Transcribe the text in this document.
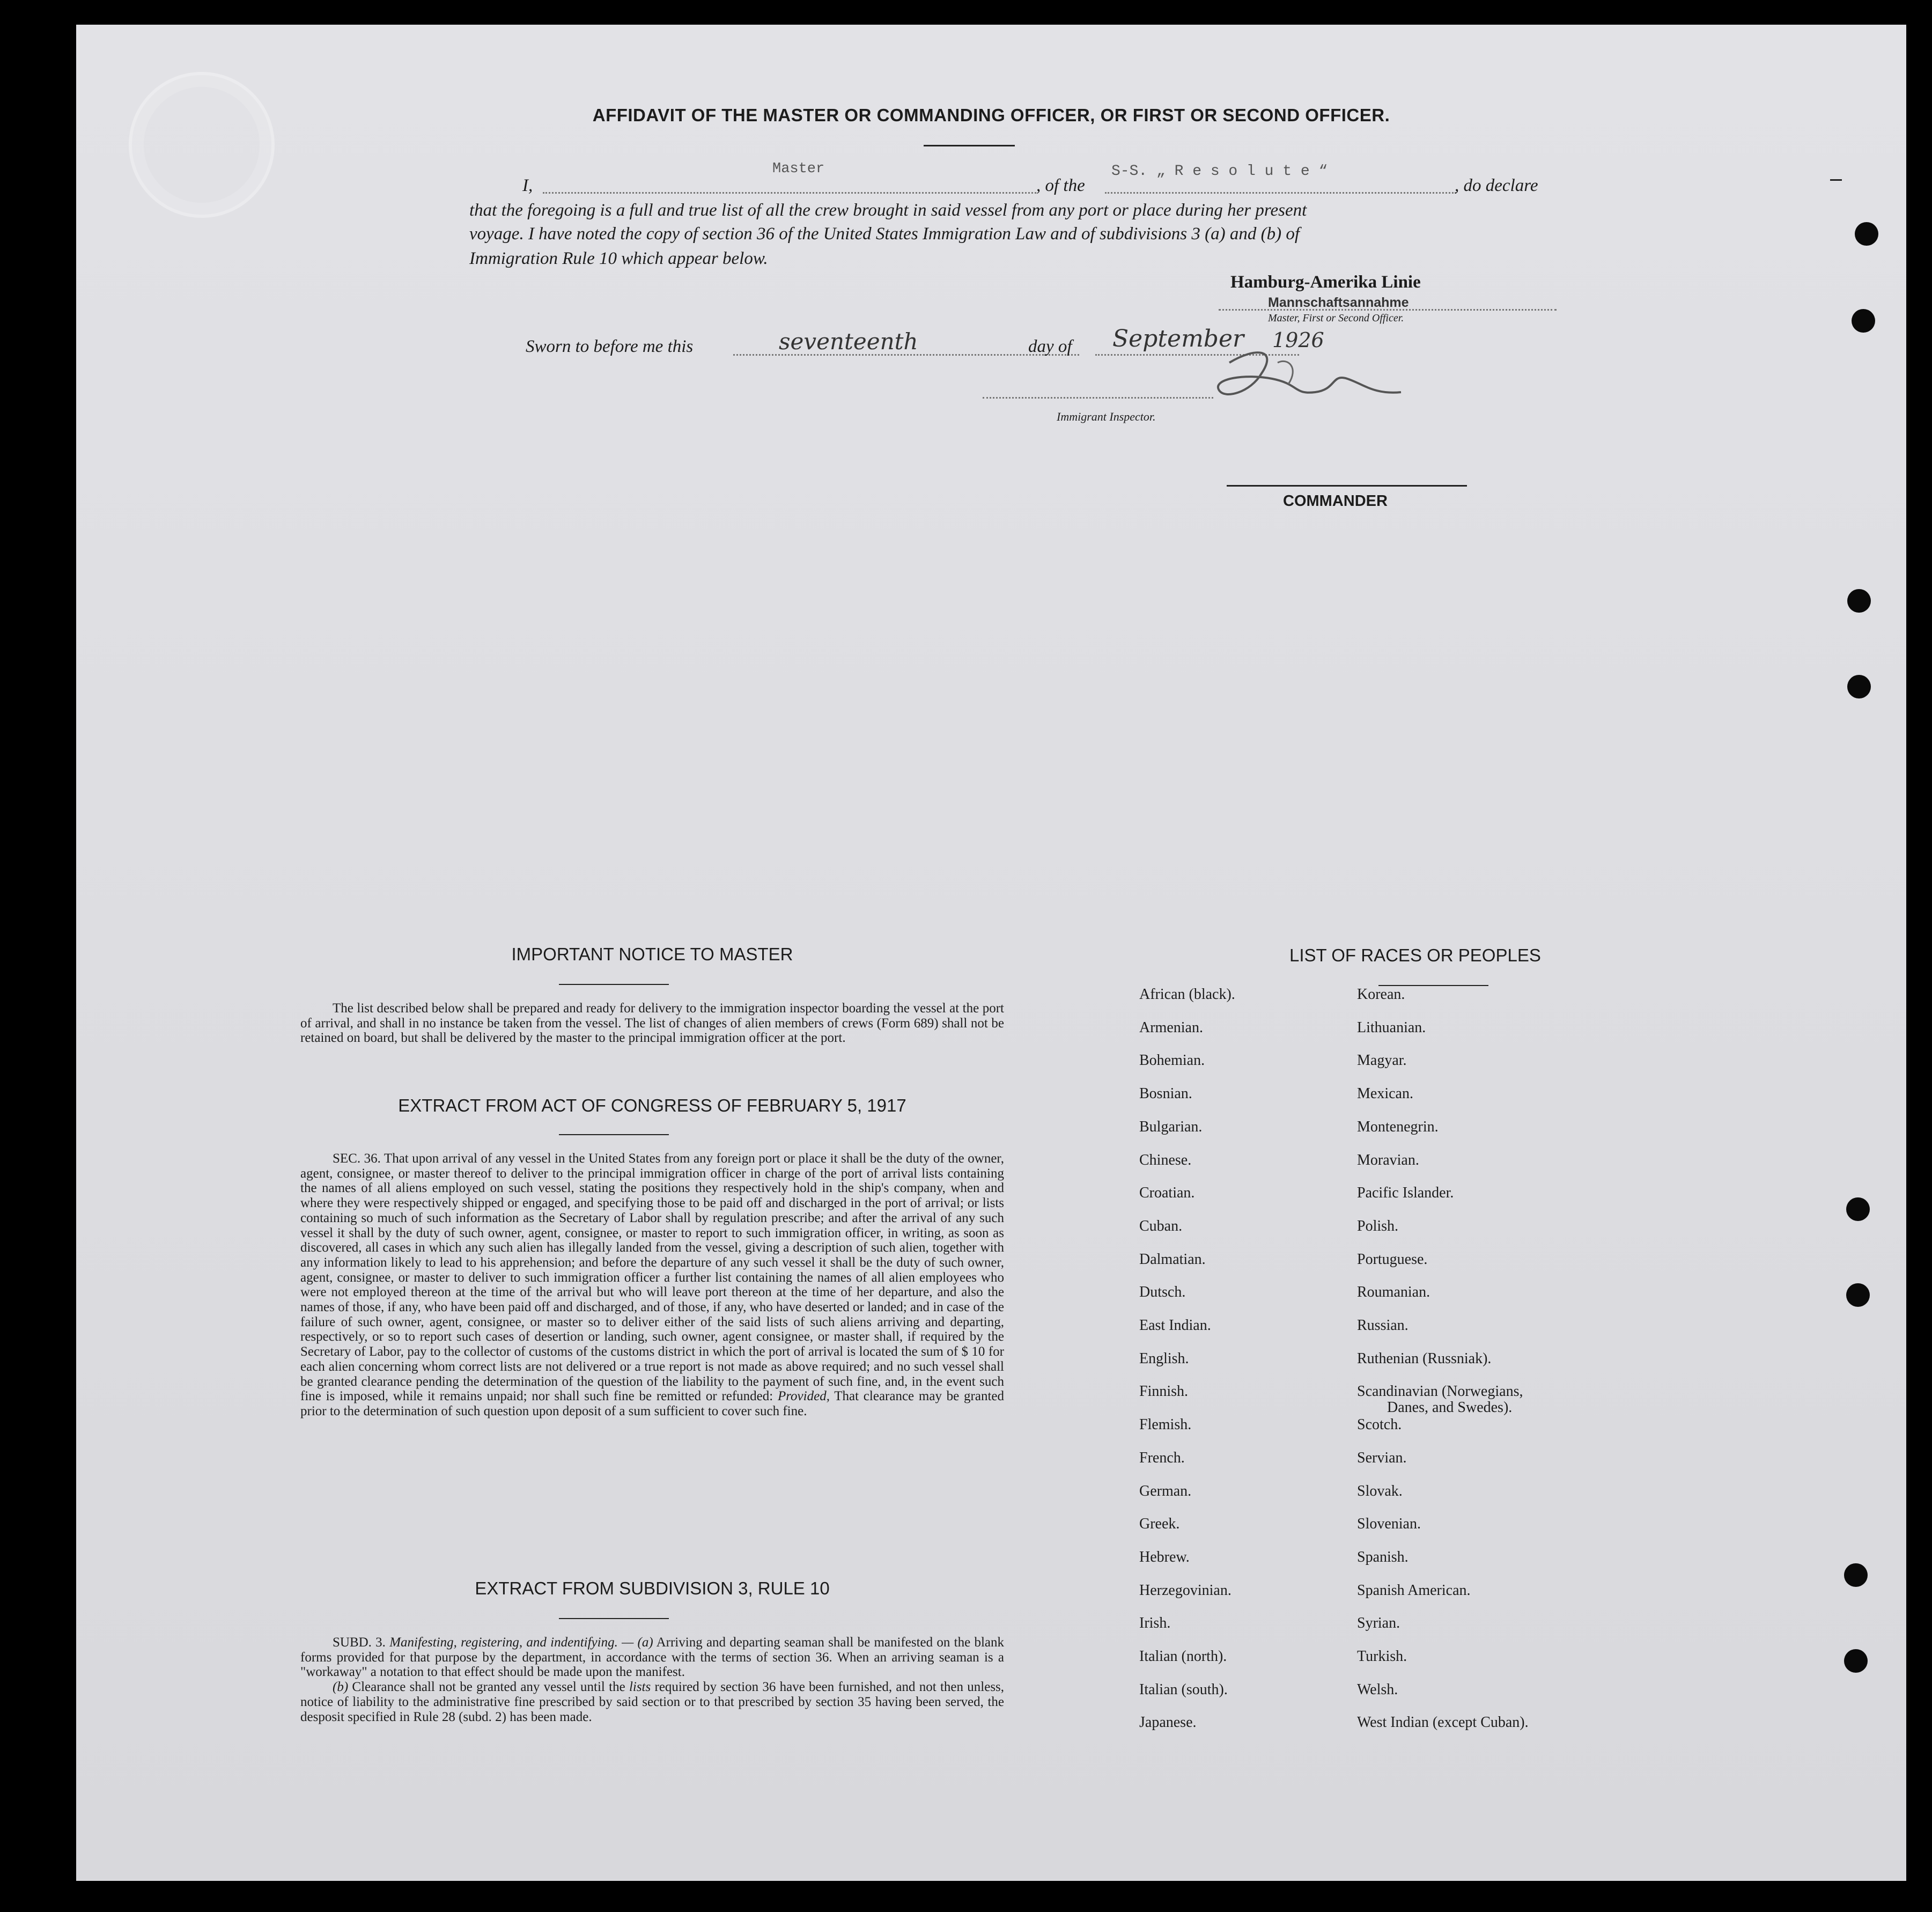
AFFIDAVIT OF THE MASTER OR COMMANDING OFFICER, OR FIRST OR SECOND OFFICER.
I,
Master
, of the
S-S. „ R e s o l u t e “
, do declare
that the foregoing is a full and true list of all the crew brought in said vessel from any port or place during her present
voyage. I have noted the copy of section 36 of the United States Immigration Law and of subdivisions 3 (a) and (b) of
Immigration Rule 10 which appear below.
Hamburg-Amerika Linie
Mannschaftsannahme
Master, First or Second Officer.
Sworn to before me this	seventeenth	day of September 1926
Immigrant Inspector.
COMMANDER
IMPORTANT NOTICE TO MASTER
The list described below shall be prepared and ready for delivery to the immigration inspector boarding the vessel at the port of arrival, and shall in no instance be taken from the vessel. The list of changes of alien members of crews (Form 689) shall not be retained on board, but shall be delivered by the master to the principal immigration officer at the port.
EXTRACT FROM ACT OF CONGRESS OF FEBRUARY 5, 1917
SEC. 36. That upon arrival of any vessel in the United States from any foreign port or place it shall be the duty of the owner, agent, consignee, or master thereof to deliver to the principal immigration officer in charge of the port of arrival lists containing the names of all aliens employed on such vessel, stating the positions they respectively hold in the ship's company, when and where they were respectively shipped or engaged, and specifying those to be paid off and discharged in the port of arrival; or lists containing so much of such information as the Secretary of Labor shall by regulation prescribe; and after the arrival of any such vessel it shall by the duty of such owner, agent, consignee, or master to report to such immigration officer, in writing, as soon as discovered, all cases in which any such alien has illegally landed from the vessel, giving a description of such alien, together with any information likely to lead to his apprehension; and before the departure of any such vessel it shall be the duty of such owner, agent, consignee, or master to deliver to such immigration officer a further list containing the names of all alien employees who were not employed thereon at the time of the arrival but who will leave port thereon at the time of her departure, and also the names of those, if any, who have been paid off and discharged, and of those, if any, who have deserted or landed; and in case of the failure of such owner, agent, consignee, or master so to deliver either of the said lists of such aliens arriving and departing, respectively, or so to report such cases of desertion or landing, such owner, agent consignee, or master shall, if required by the Secretary of Labor, pay to the collector of customs of the customs district in which the port of arrival is located the sum of $ 10 for each alien concerning whom correct lists are not delivered or a true report is not made as above required; and no such vessel shall be granted clearance pending the determination of the question of the liability to the payment of such fine, and, in the event such fine is imposed, while it remains unpaid; nor shall such fine be remitted or refunded: Provided, That clearance may be granted prior to the determination of such question upon deposit of a sum sufficient to cover such fine.
EXTRACT FROM SUBDIVISION 3, RULE 10

SUBD. 3. Manifesting, registering, and indentifying. — (a) Arriving and departing seaman shall be manifested on the blank forms provided for that purpose by the department, in accordance with the terms of section 36. When an arriving seaman is a "workaway" a notation to that effect should be made upon the manifest.

(b) Clearance shall not be granted any vessel until the lists required by section 36 have been furnished, and not then unless, notice of liability to the administrative fine prescribed by said section or to that prescribed by section 35 having been served, the desposit specified in Rule 28 (subd. 2) has been made.

LIST OF RACES OR PEOPLES
African (black).
Armenian.
Bohemian.
Bosnian.
Bulgarian.
Chinese.
Croatian.
Cuban.
Dalmatian.
Dutsch.
East Indian.
English.
Finnish.
Flemish.
French.
German.
Greek.
Hebrew.
Herzegovinian.
Irish.
Italian (north).
Italian (south).
Japanese.
Korean.
Lithuanian.
Magyar.
Mexican.
Montenegrin.
Moravian.
Pacific Islander.
Polish.
Portuguese.
Roumanian.
Russian.
Ruthenian (Russniak).
Scandinavian (Norwegians,
Scotch.
Servian.
Slovak.
Slovenian.
Spanish.
Spanish American.
Syrian.
Turkish.
Welsh.
West Indian (except Cuban).
Danes, and Swedes).
